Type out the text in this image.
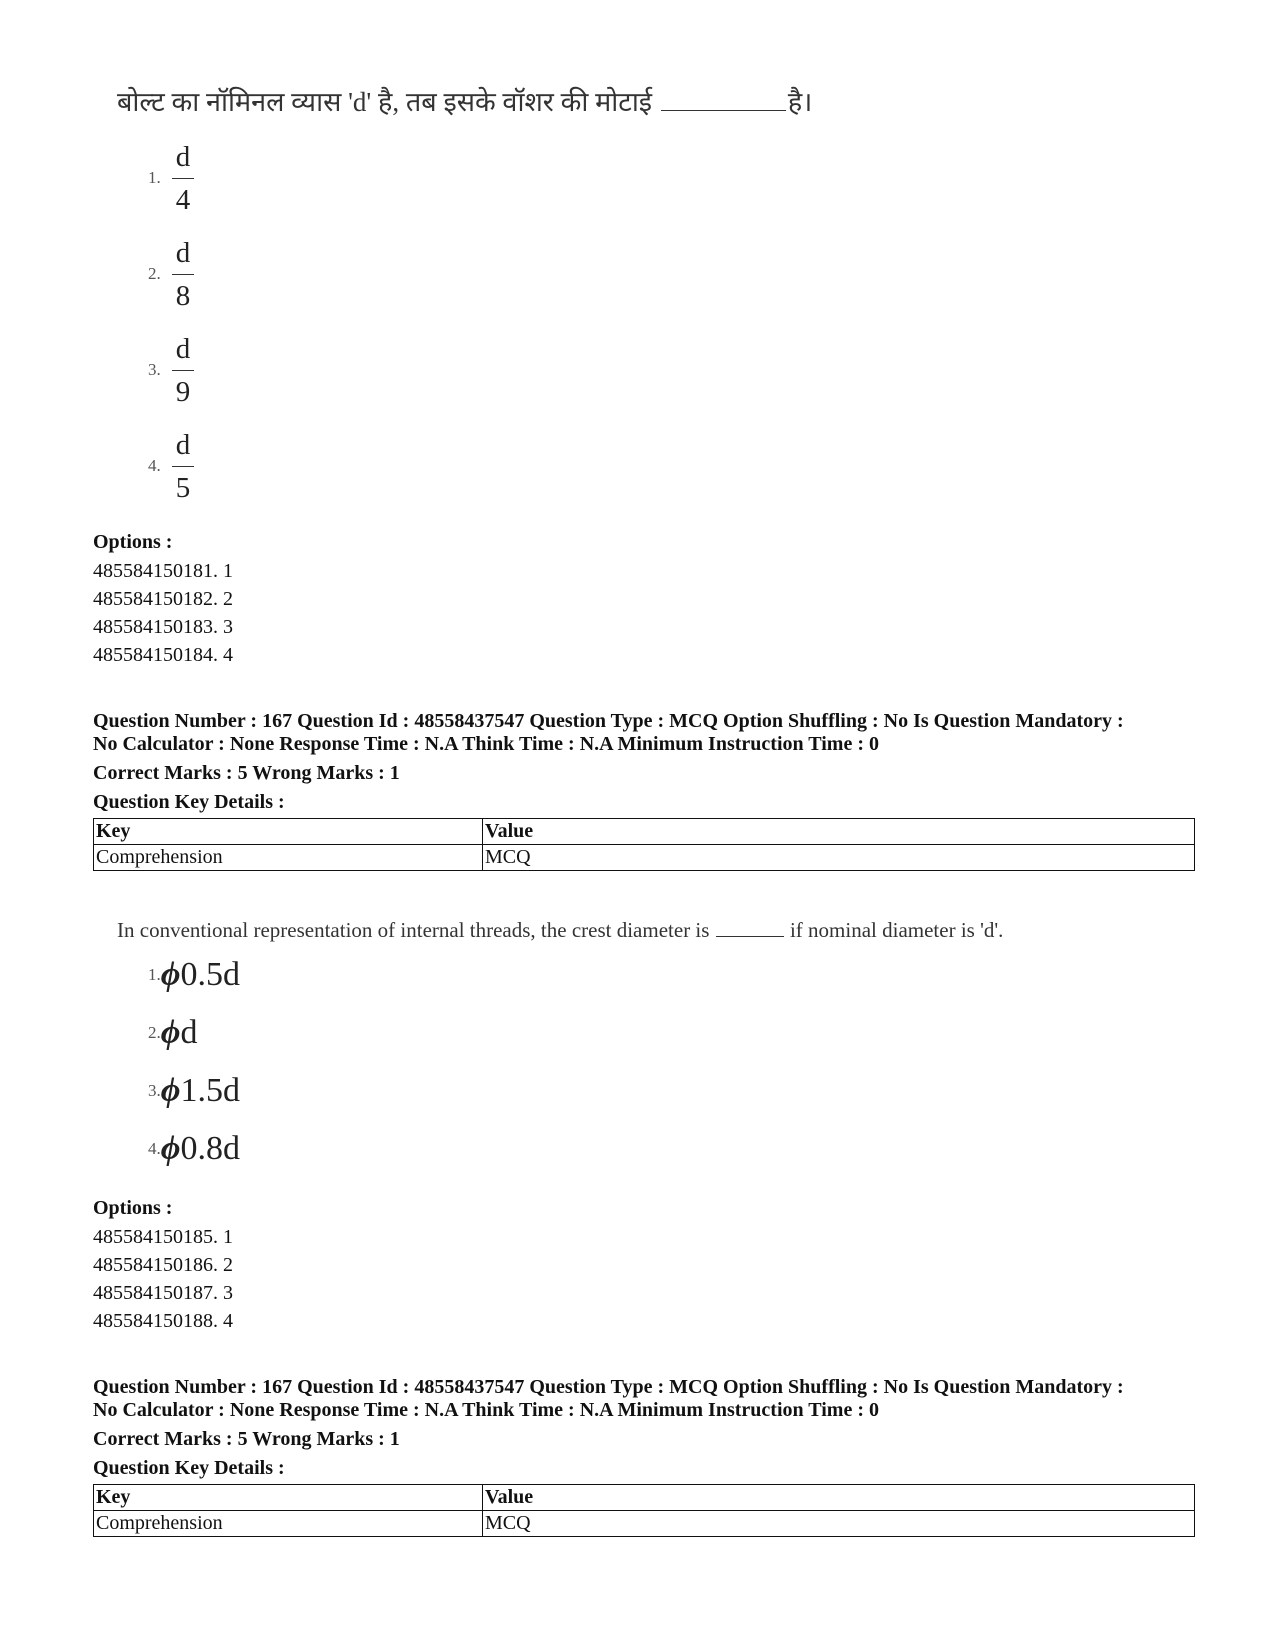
बोल्ट का नॉमिनल व्यास 'd' है, तब इसके वॉशर की मोटाई	है।
1.
d
4
2.
d
8
3.
d
9
4.
d
5
Options :
485584150181. 1
485584150182. 2
485584150183. 3
485584150184. 4
Question Number : 167 Question Id : 48558437547 Question Type : MCQ Option Shuffling : No Is Question Mandatory :
No Calculator : None Response Time : N.A Think Time : N.A Minimum Instruction Time : 0
Correct Marks : 5 Wrong Marks : 1
Question Key Details :
Key	Value
Comprehension	MCQ
In conventional representation of internal threads, the crest diameter is	if nominal diameter is 'd'.
1.ϕ0.5d
2.ϕd
3.ϕ1.5d
4.ϕ0.8d
Options :
485584150185. 1
485584150186. 2
485584150187. 3
485584150188. 4
Question Number : 167 Question Id : 48558437547 Question Type : MCQ Option Shuffling : No Is Question Mandatory :
No Calculator : None Response Time : N.A Think Time : N.A Minimum Instruction Time : 0
Correct Marks : 5 Wrong Marks : 1
Question Key Details :
Key	Value
Comprehension	MCQ
